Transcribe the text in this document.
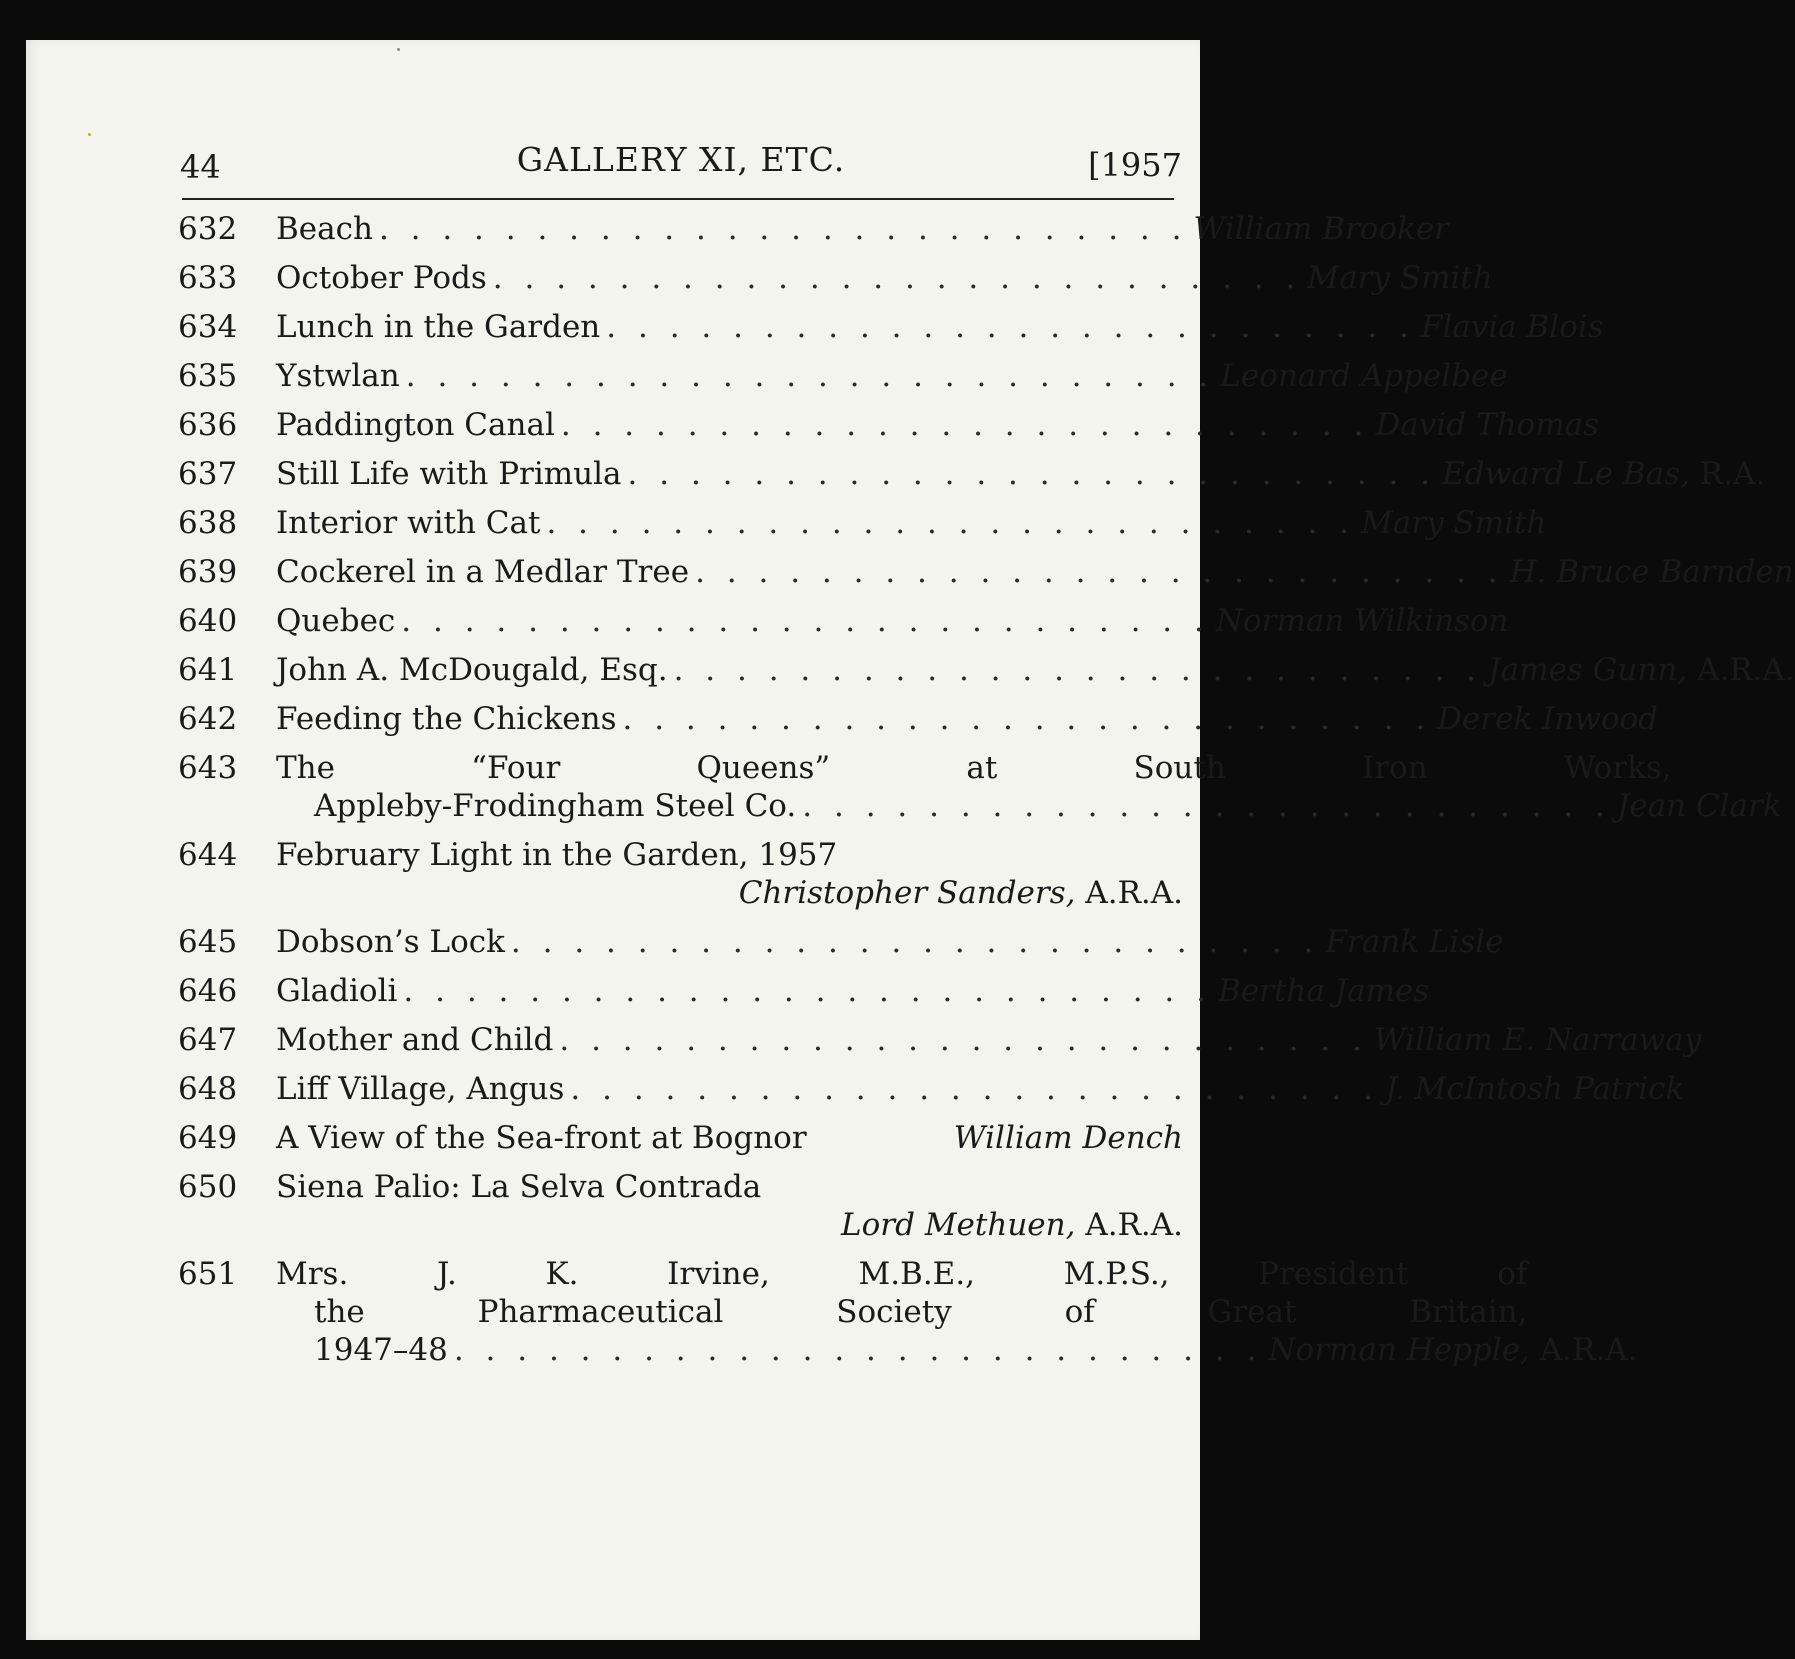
44	GALLERY XI, ETC.	[1957
632	Beach . . . . . . . . . . . . . . . . . . . . . . . . . . William Brooker
633	October Pods . . . . . . . . . . . . . . . . . . . . . . . . . . Mary Smith
634	Lunch in the Garden . . . . . . . . . . . . . . . . . . . . . . . . . . Flavia Blois
635	Ystwlan . . . . . . . . . . . . . . . . . . . . . . . . . . Leonard Appelbee
636	Paddington Canal . . . . . . . . . . . . . . . . . . . . . . . . . . David Thomas
637	Still Life with Primula . . . . . . . . . . . . . . . . . . . . . . . . . . Edward Le Bas, R.A.
638	Interior with Cat . . . . . . . . . . . . . . . . . . . . . . . . . . Mary Smith
639	Cockerel in a Medlar Tree . . . . . . . . . . . . . . . . . . . . . . . . . . H. Bruce Barnden
640	Quebec . . . . . . . . . . . . . . . . . . . . . . . . . . Norman Wilkinson
641	John A. McDougald, Esq. . . . . . . . . . . . . . . . . . . . . . . . . . . James Gunn, A.R.A.
642	Feeding the Chickens . . . . . . . . . . . . . . . . . . . . . . . . . . Derek Inwood
643	The “Four Queens” at South Iron Works,
Appleby-Frodingham Steel Co. . . . . . . . . . . . . . . . . . . . . . . . . . . Jean Clark
644	February Light in the Garden, 1957
Christopher Sanders, A.R.A.
645	Dobson’s Lock . . . . . . . . . . . . . . . . . . . . . . . . . . Frank Lisle
646	Gladioli . . . . . . . . . . . . . . . . . . . . . . . . . . Bertha James
647	Mother and Child . . . . . . . . . . . . . . . . . . . . . . . . . . William E. Narraway
648	Liff Village, Angus . . . . . . . . . . . . . . . . . . . . . . . . . . J. McIntosh Patrick
649	A View of the Sea-front at Bognor	William Dench
650	Siena Palio: La Selva Contrada
Lord Methuen, A.R.A.
651	Mrs. J. K. Irvine, M.B.E., M.P.S., President of
the Pharmaceutical Society of Great Britain,
1947–48 . . . . . . . . . . . . . . . . . . . . . . . . . . Norman Hepple, A.R.A.
